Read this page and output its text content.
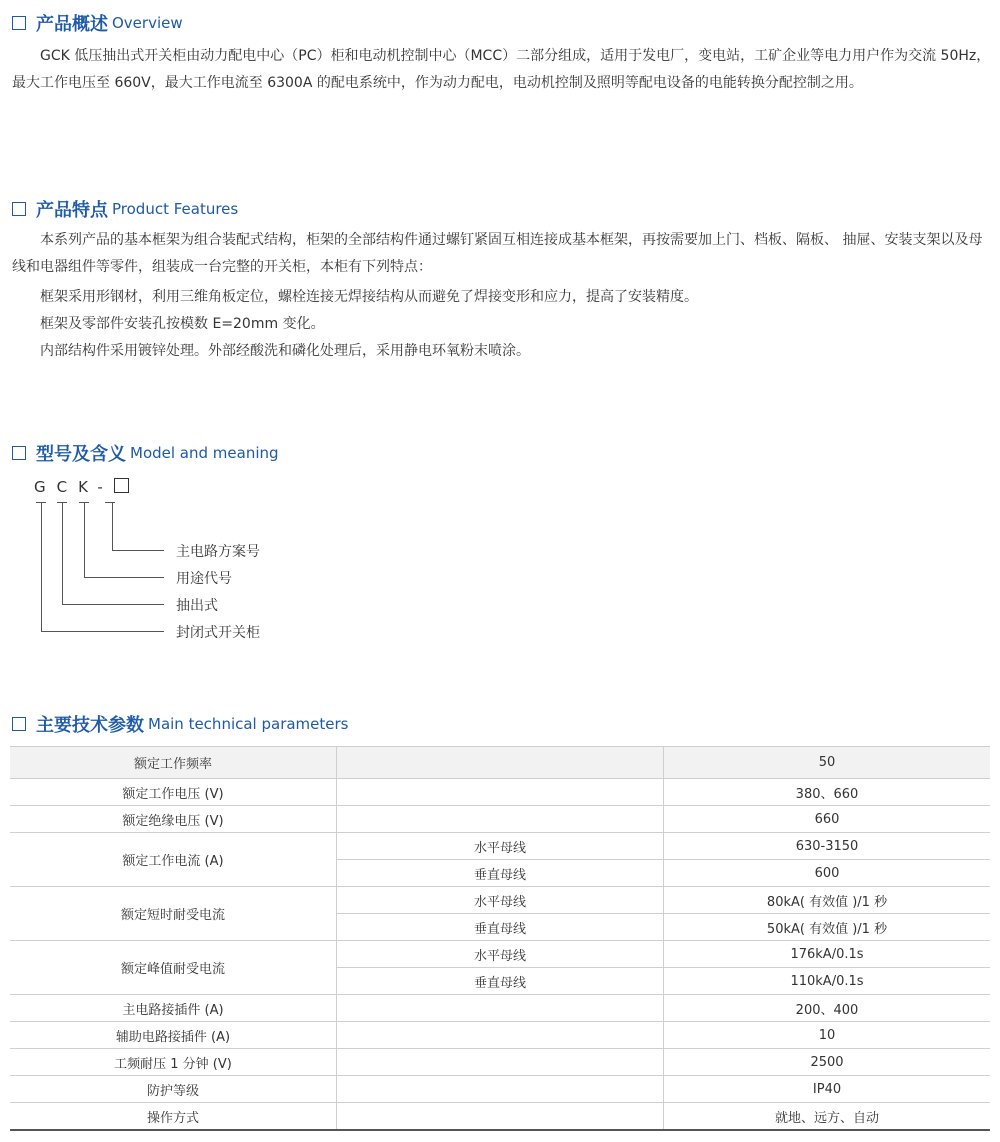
产品概述 Overview
GCK 低压抽出式开关柜由动力配电中心（PC）柜和电动机控制中心（MCC）二部分组成，适用于发电厂，变电站，工矿企业等电力用户作为交流 50Hz，最大工作电压至 660V，最大工作电流至 6300A 的配电系统中，作为动力配电，电动机控制及照明等配电设备的电能转换分配控制之用。
产品特点 Product Features
本系列产品的基本框架为组合装配式结构，柜架的全部结构件通过螺钉紧固互相连接成基本框架，再按需要加上门、档板、隔板、 抽屉、安装支架以及母线和电器组件等零件，组装成一台完整的开关柜，本柜有下列特点：
框架采用形钢材，利用三维角板定位，螺栓连接无焊接结构从而避免了焊接变形和应力，提高了安装精度。
框架及零部件安装孔按模数 E=20mm 变化。
内部结构件采用镀锌处理。外部经酸洗和磷化处理后，采用静电环氧粉末喷涂。
型号及含义 Model and meaning
GCK-
主电路方案号
用途代号
抽出式
封闭式开关柜
主要技术参数 Main technical parameters
额定工作频率		50
额定工作电压 (V)		380、660
额定绝缘电压 (V)		660
额定工作电流 (A)	水平母线	630-3150
	垂直母线	600
额定短时耐受电流	水平母线	80kA( 有效值 )/1 秒
	垂直母线	50kA( 有效值 )/1 秒
额定峰值耐受电流	水平母线	176kA/0.1s
	垂直母线	110kA/0.1s
主电路接插件 (A)		200、400
辅助电路接插件 (A)		10
工频耐压 1 分钟 (V)		2500
防护等级		IP40
操作方式		就地、远方、自动
